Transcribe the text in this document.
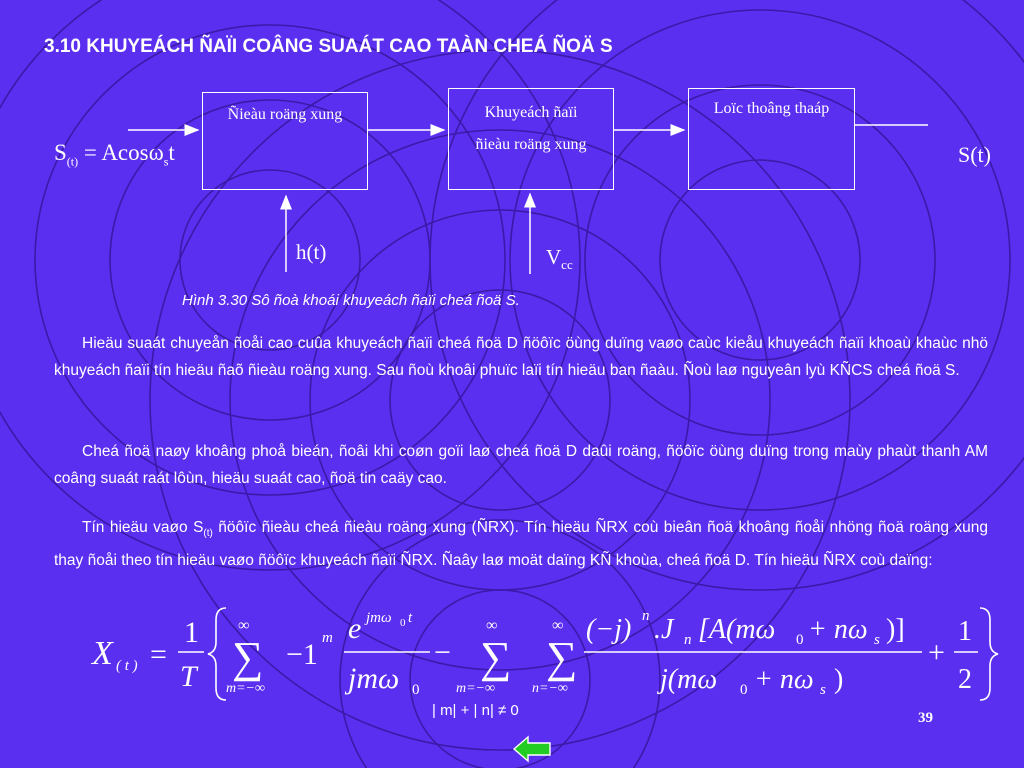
3.10 KHUYEÁCH ÑAÏI COÂNG SUAÁT CAO TAÀN CHEÁ ÑOÄ S
$S_{(t)} = Acos\omega_st$
Ñieàu roäng xung	Khuyeách ñaïi
ñieàu roäng xung
Loïc thoâng thaáp
S(t)
h(t)	$V_{cc}$
Hình 3.30 Sô ñoà khoái khuyeách ñaïi cheá ñoä S.
Hieäu suaát chuyeån ñoåi cao cuûa khuyeách ñaïi cheá ñoä D ñöôïc öùng duïng vaøo caùc kieåu khuyeách ñaïi khoaù khaùc nhö khuyeách ñaïi tín hieäu ñaõ ñieàu roäng xung. Sau ñoù khoâi phuïc laïi tín hieäu ban ñaàu. Ñoù laø nguyeân lyù KÑCS cheá ñoä S.
Cheá ñoä naøy khoâng phoå bieán, ñoâi khi coøn goïi laø cheá ñoä D daûi roäng, ñöôïc öùng duïng trong maùy phaùt thanh AM coâng suaát raát lôùn, hieäu suaát cao, ñoä tin caäy cao.
Tín hieäu vaøo $S_{(t)}$ ñöôïc ñieàu cheá ñieàu roäng xung (ÑRX). Tín hieäu ÑRX coù bieân ñoä khoâng ñoåi nhöng ñoä roäng xung thay ñoåi theo tín hieäu vaøo ñöôïc khuyeách ñaïi ÑRX. Ñaây laø moät daïng KÑ khoùa, cheá ñoä D. Tín hieäu ÑRX coù daïng:
X ( t ) =
1
T
∞
∑
m=−∞
−1 m e jmω 0 t
jmω 0
−
∞
∑
m=−∞
∞
∑
n=−∞
(−j) n .J n [A(mω 0 + nω s )]
j(mω 0 + nω s )
+
1
2
| m| + | n| ≠ 0	39
